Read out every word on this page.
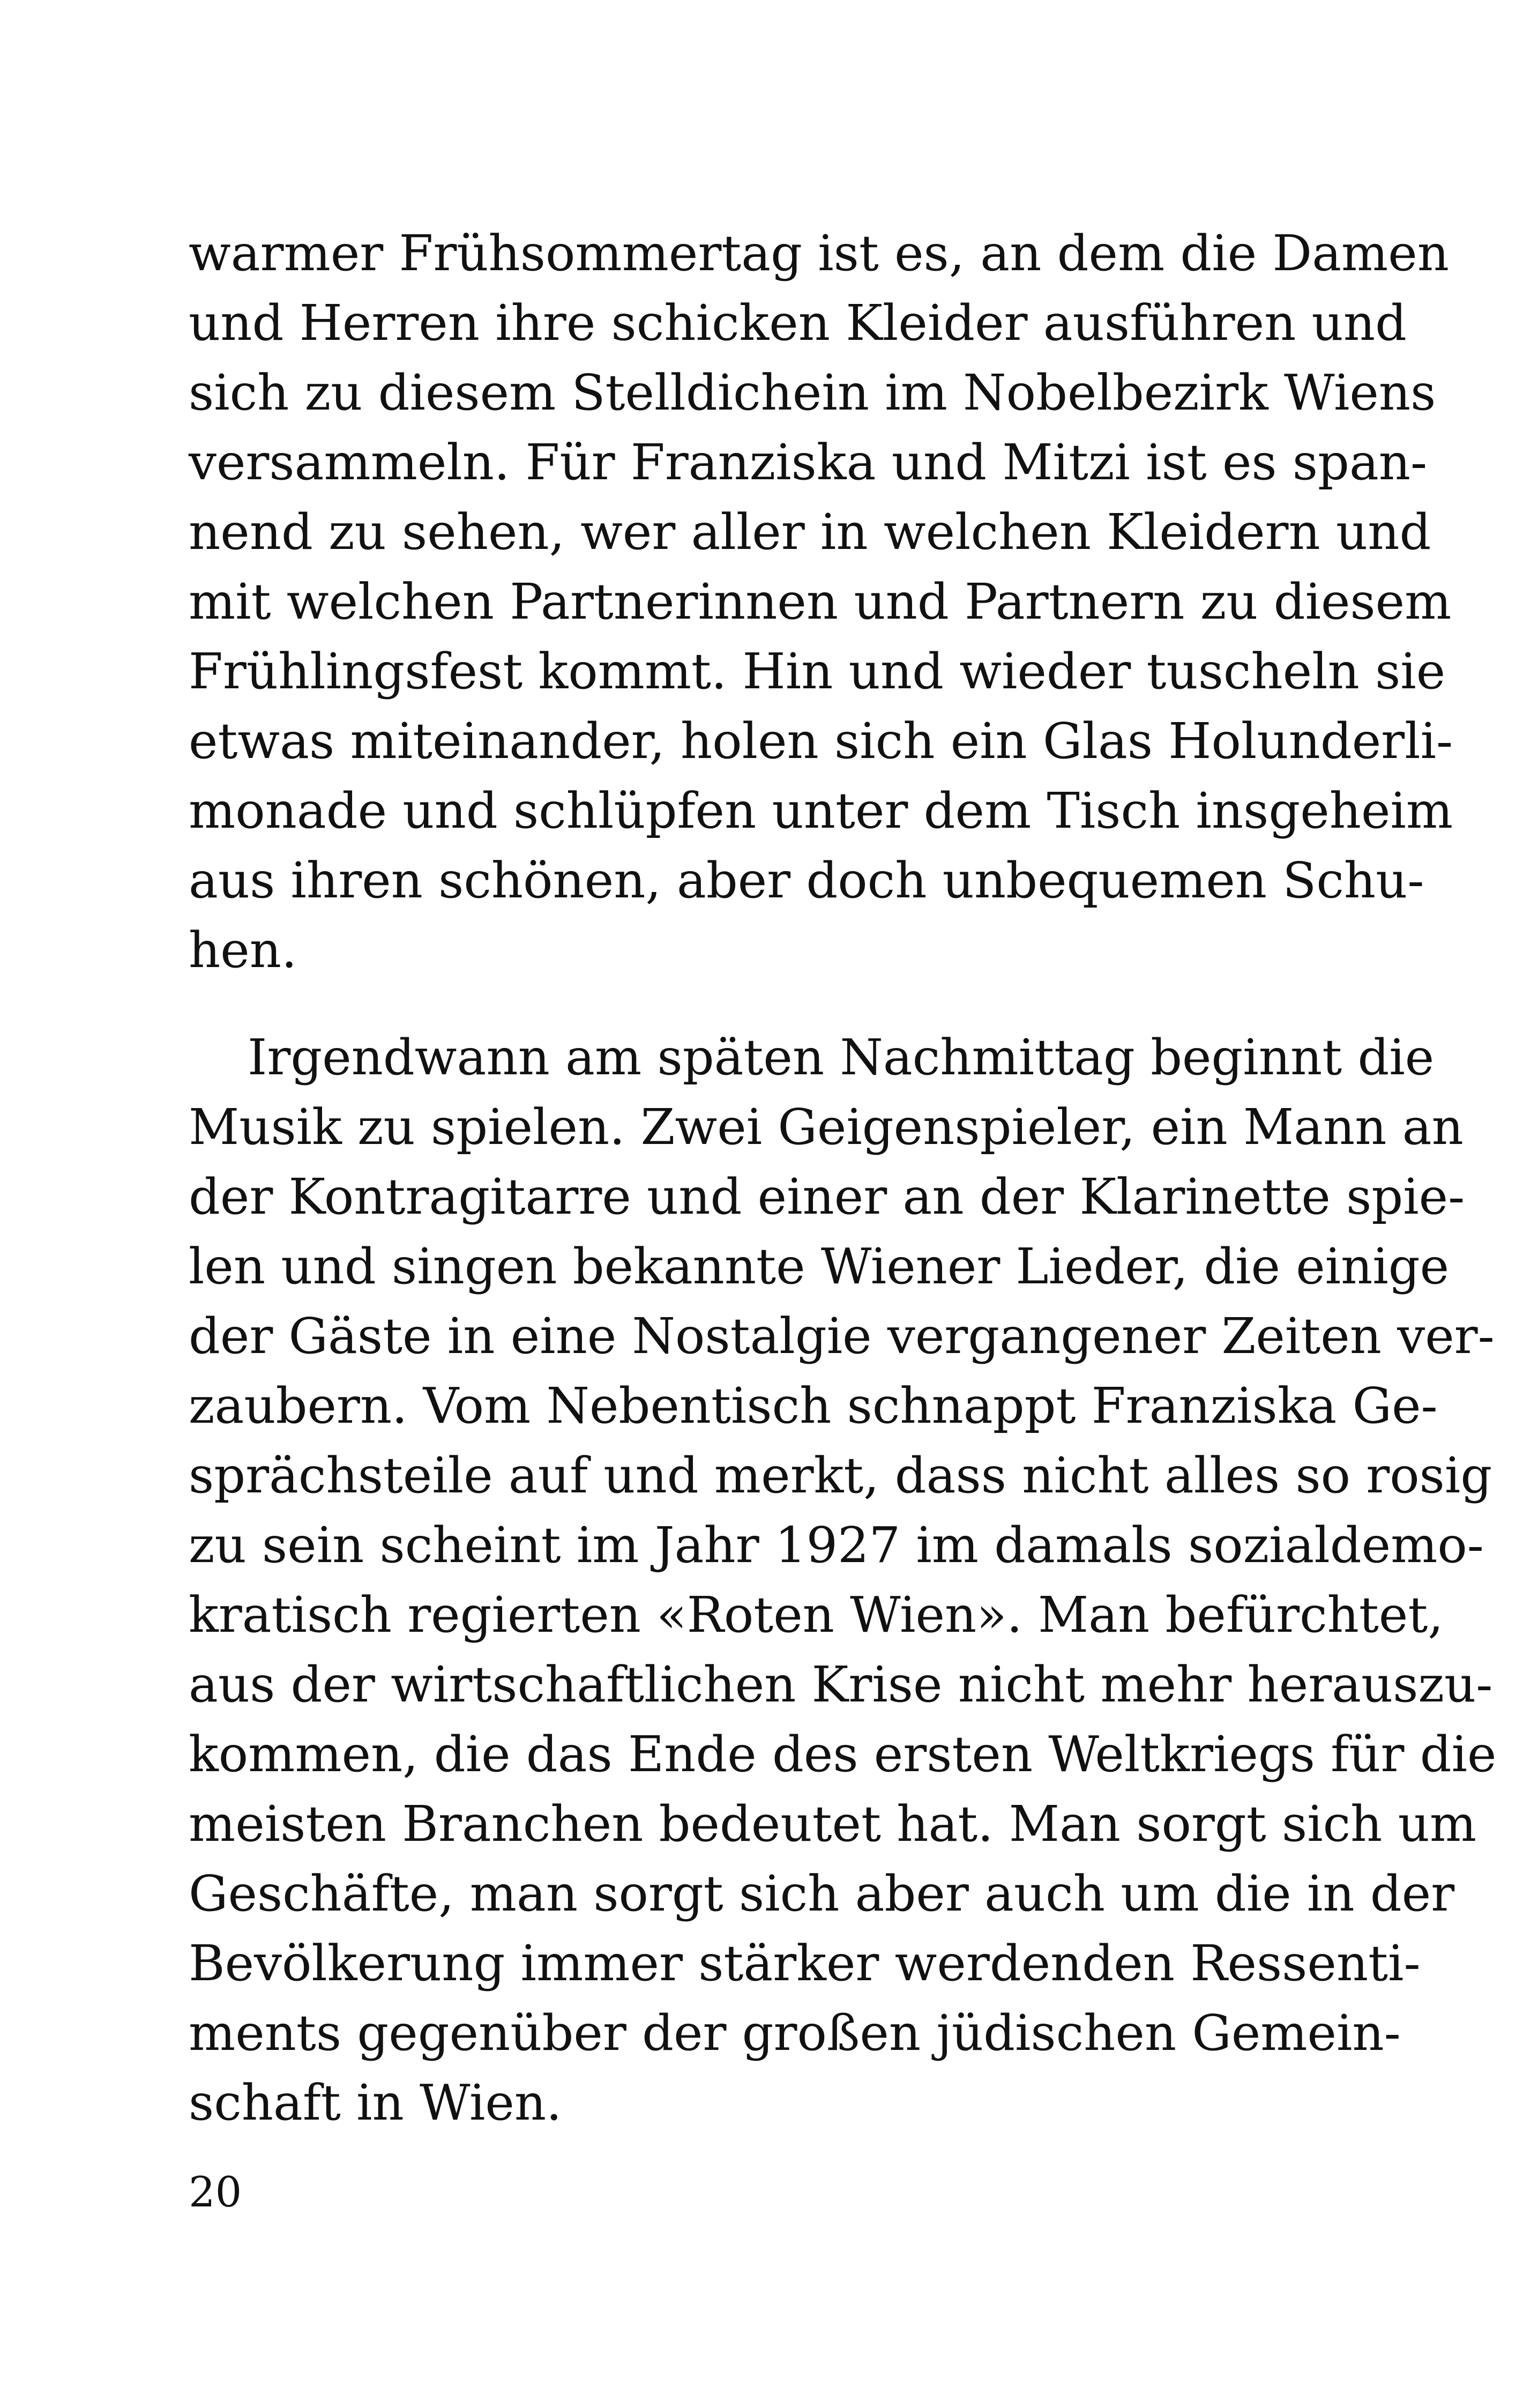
warmer Frühsommertag ist es, an dem die Damen
und Herren ihre schicken Kleider ausführen und
sich zu diesem Stelldichein im Nobelbezirk Wiens
versammeln. Für Franziska und Mitzi ist es span-
nend zu sehen, wer aller in welchen Kleidern und
mit welchen Partnerinnen und Partnern zu diesem
Frühlingsfest kommt. Hin und wieder tuscheln sie
etwas miteinander, holen sich ein Glas Holunderli-
monade und schlüpfen unter dem Tisch insgeheim
aus ihren schönen, aber doch unbequemen Schu-
hen.
Irgendwann am späten Nachmittag beginnt die
Musik zu spielen. Zwei Geigenspieler, ein Mann an
der Kontragitarre und einer an der Klarinette spie-
len und singen bekannte Wiener Lieder, die einige
der Gäste in eine Nostalgie vergangener Zeiten ver-
zaubern. Vom Nebentisch schnappt Franziska Ge-
sprächsteile auf und merkt, dass nicht alles so rosig
zu sein scheint im Jahr 1927 im damals sozialdemo-
kratisch regierten «Roten Wien». Man befürchtet,
aus der wirtschaftlichen Krise nicht mehr herauszu-
kommen, die das Ende des ersten Weltkriegs für die
meisten Branchen bedeutet hat. Man sorgt sich um
Geschäfte, man sorgt sich aber auch um die in der
Bevölkerung immer stärker werdenden Ressenti-
ments gegenüber der großen jüdischen Gemein-
schaft in Wien.
20
